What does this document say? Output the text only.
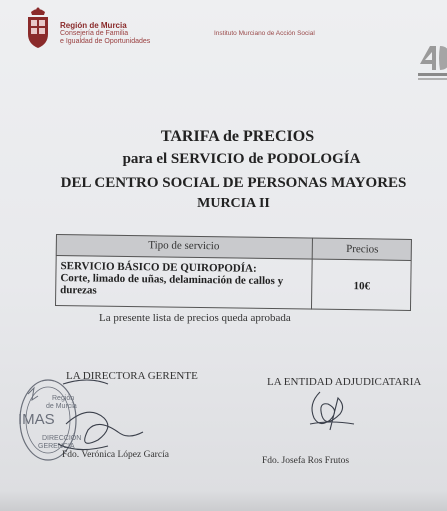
Región de Murcia
Consejería de Familia
e Igualdad de Oportunidades
Instituto Murciano de Acción Social
TARIFA de PRECIOS
para el SERVICIO de PODOLOGÍA
DEL CENTRO SOCIAL DE PERSONAS MAYORES
MURCIA II
Tipo de servicio	Precios
SERVICIO BÁSICO DE QUIROPODÍA:
Corte, limado de uñas, delaminación de callos y
durezas	10€
La presente lista de precios queda aprobada
Región
de Murcia
IMAS
DIRECCIÓN
GERENCIA
LA DIRECTORA GERENTE
Fdo. Verónica López García
LA ENTIDAD ADJUDICATARIA
Fdo. Josefa Ros Frutos
